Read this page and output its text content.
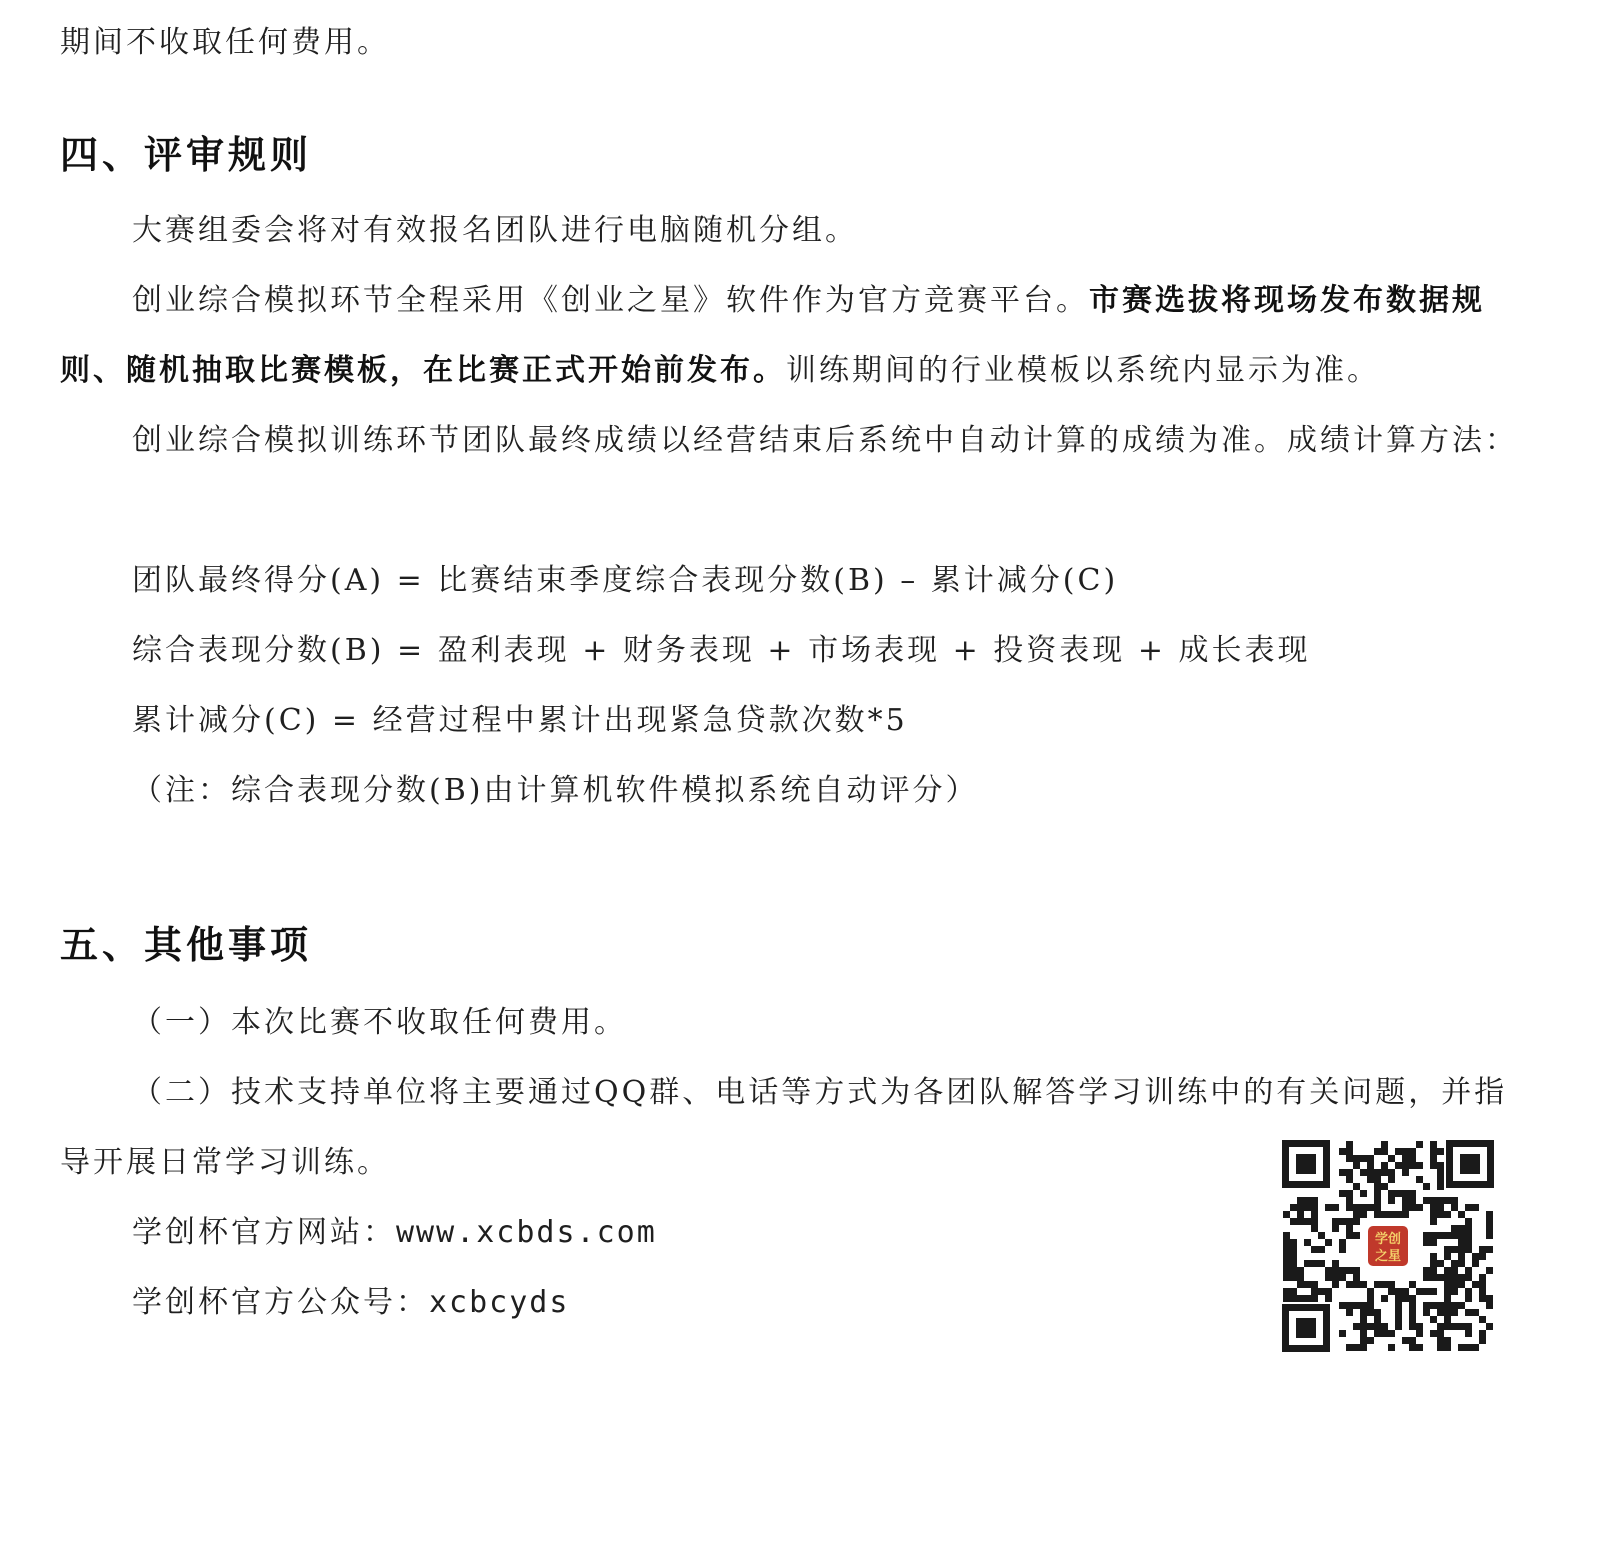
期间不收取任何费用。
四、评审规则
大赛组委会将对有效报名团队进行电脑随机分组。
创业综合模拟环节全程采用《创业之星》软件作为官方竞赛平台。市赛选拔将现场发布数据规则、随机抽取比赛模板，在比赛正式开始前发布。训练期间的行业模板以系统内显示为准。
创业综合模拟训练环节团队最终成绩以经营结束后系统中自动计算的成绩为准。成绩计算方法：
团队最终得分(A) = 比赛结束季度综合表现分数(B) – 累计减分(C)
综合表现分数(B) = 盈利表现 + 财务表现 + 市场表现 + 投资表现 + 成长表现
累计减分(C) = 经营过程中累计出现紧急贷款次数*5
（注：综合表现分数(B)由计算机软件模拟系统自动评分）
五、其他事项
（一）本次比赛不收取任何费用。
（二）技术支持单位将主要通过QQ群、电话等方式为各团队解答学习训练中的有关问题，并指导开展日常学习训练。
学创杯官方网站：www.xcbds.com
学创杯官方公众号：xcbcyds
学创
之星
